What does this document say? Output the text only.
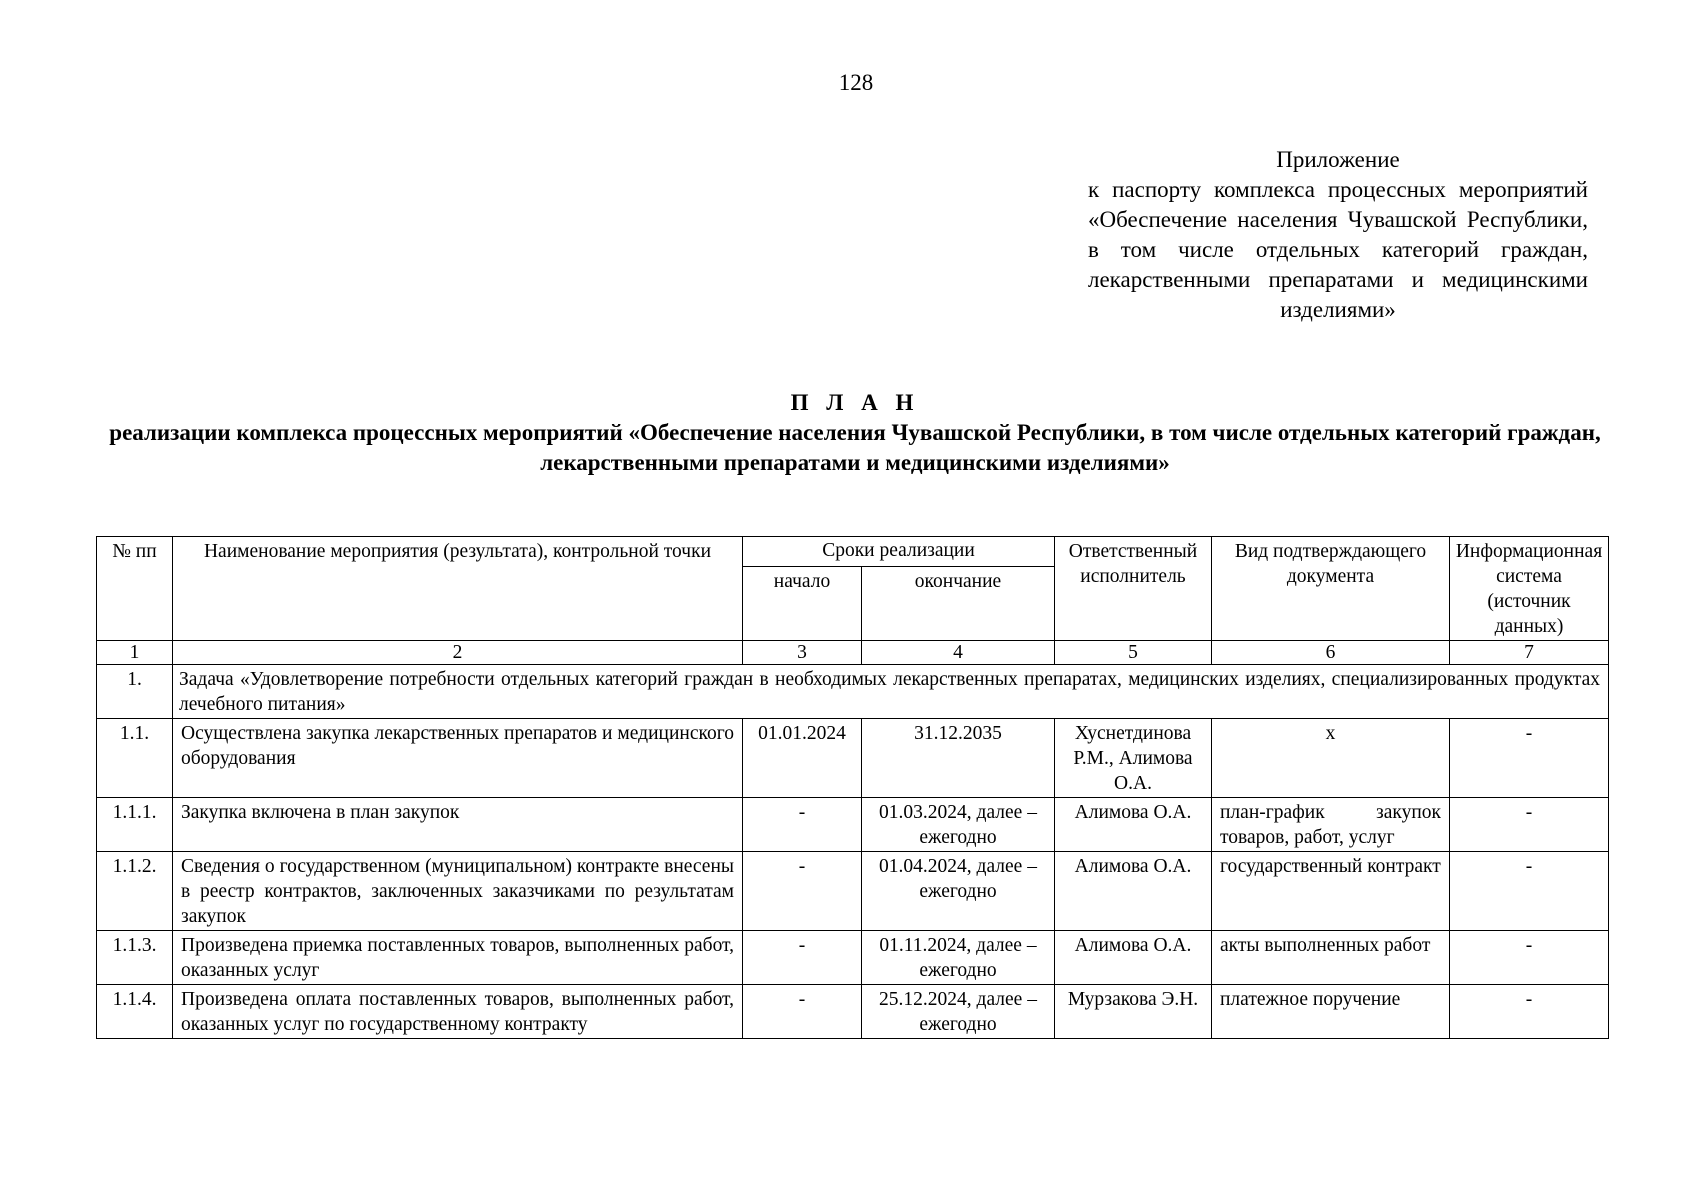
128
Приложение
к паспорту комплекса процессных мероприятий «Обеспечение населения Чувашской Республики, в том числе отдельных категорий граждан, лекарственными препаратами и медицинскими изделиями»
П Л А Н
реализации комплекса процессных мероприятий «Обеспечение населения Чувашской Республики, в том числе отдельных категорий граждан, лекарственными препаратами и медицинскими изделиями»
№ пп	Наименование мероприятия (результата), контрольной точки	Сроки реализации		Ответственный исполнитель	Вид подтверждающего документа	Информационная система (источник данных)
		начало	окончание			
1	2	3	4	5	6	7
1.	Задача «Удовлетворение потребности отдельных категорий граждан в необходимых лекарственных препаратах, медицинских изделиях, специализированных продуктах лечебного питания»					
1.1.	Осуществлена закупка лекарственных препаратов и медицинского оборудования	01.01.2024	31.12.2035	Хуснетдинова Р.М., Алимова О.А.	х	-
1.1.1.	Закупка включена в план закупок	-	01.03.2024, далее – ежегодно	Алимова О.А.	план-график закупок товаров, работ, услуг	-
1.1.2.	Сведения о государственном (муниципальном) контракте внесены в реестр контрактов, заключенных заказчиками по результатам закупок	-	01.04.2024, далее – ежегодно	Алимова О.А.	государственный контракт	-
1.1.3.	Произведена приемка поставленных товаров, выполненных работ, оказанных услуг	-	01.11.2024, далее – ежегодно	Алимова О.А.	акты выполненных работ	-
1.1.4.	Произведена оплата поставленных товаров, выполненных работ, оказанных услуг по государственному контракту	-	25.12.2024, далее – ежегодно	Мурзакова Э.Н.	платежное поручение	-
